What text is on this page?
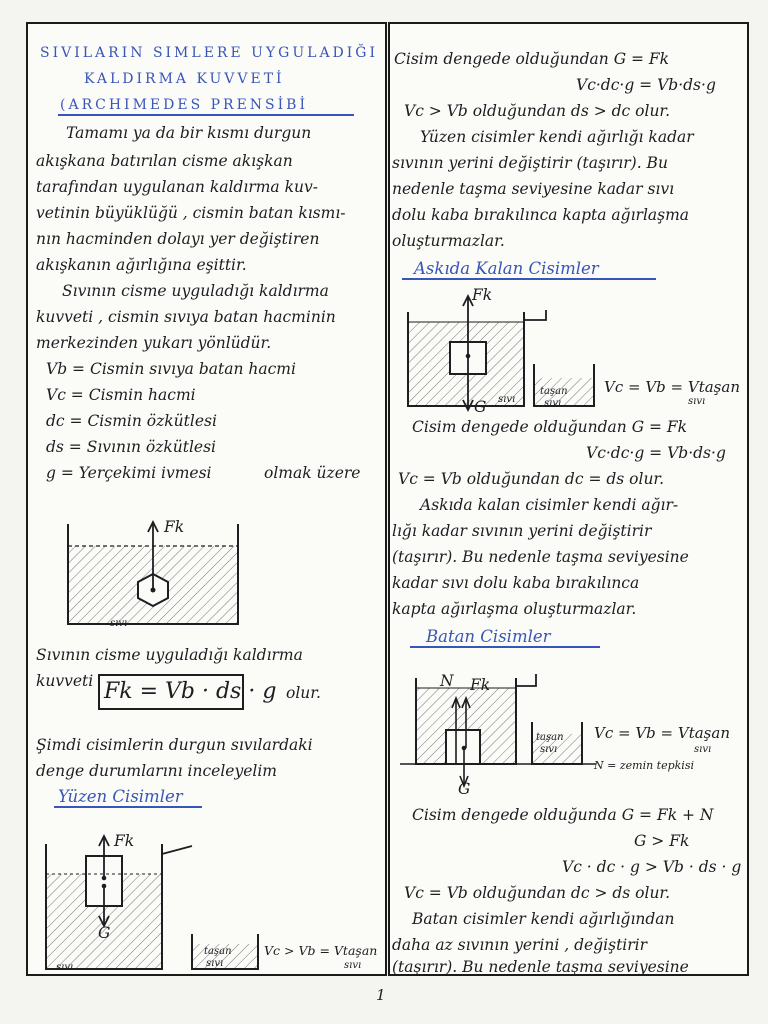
SIVILARIN SIMLERE UYGULADIĞI
KALDIRMA KUVVETİ
(ARCHIMEDES PRENSİBİ
Tamamı ya da bir kısmı durgun
akışkana batırılan cisme akışkan
tarafından uygulanan kaldırma kuv-
vetinin büyüklüğü , cismin batan kısmı-
nın hacminden dolayı yer değiştiren
akışkanın ağırlığına eşittir.
Sıvının cisme uyguladığı kaldırma
kuvveti , cismin sıvıya batan hacminin
merkezinden yukarı yönlüdür.
Vb = Cismin sıvıya batan hacmi
Vc = Cismin hacmi
dc = Cismin özkütlesi
ds = Sıvının özkütlesi
g = Yerçekimi ivmesi	olmak üzere
Fk
sıvı
Sıvının cisme uyguladığı kaldırma
kuvveti Fk = Vb · ds · g olur.
Şimdi cisimlerin durgun sıvılardaki
denge durumlarını inceleyelim
Yüzen Cisimler
Fk
G
sıvı
taşan
sıvı
Vc > Vb = Vtaşan
sıvı
Cisim dengede olduğundan G = Fk
Vc·dc·g = Vb·ds·g
Vc > Vb olduğundan ds > dc olur.
Yüzen cisimler kendi ağırlığı kadar
sıvının yerini değiştirir (taşırır). Bu
nedenle taşma seviyesine kadar sıvı
dolu kaba bırakılınca kapta ağırlaşma
oluşturmazlar.
Askıda Kalan Cisimler
Fk
G sıvı
taşan
sıvı
Vc = Vb = Vtaşan
sıvı
Cisim dengede olduğundan G = Fk
Vc·dc·g = Vb·ds·g
Vc = Vb olduğundan dc = ds olur.
Askıda kalan cisimler kendi ağır-
lığı kadar sıvının yerini değiştirir
(taşırır). Bu nedenle taşma seviyesine
kadar sıvı dolu kaba bırakılınca
kapta ağırlaşma oluşturmazlar.
Batan Cisimler
N Fk
G
taşan
sıvı
Vc = Vb = Vtaşan
sıvı
N = zemin tepkisi
Cisim dengede olduğunda G = Fk + N
G > Fk
Vc · dc · g > Vb · ds · g
Vc = Vb olduğundan dc > ds olur.
Batan cisimler kendi ağırlığından
daha az sıvının yerini , değiştirir
(taşırır). Bu nedenle taşma seviyesine
1
